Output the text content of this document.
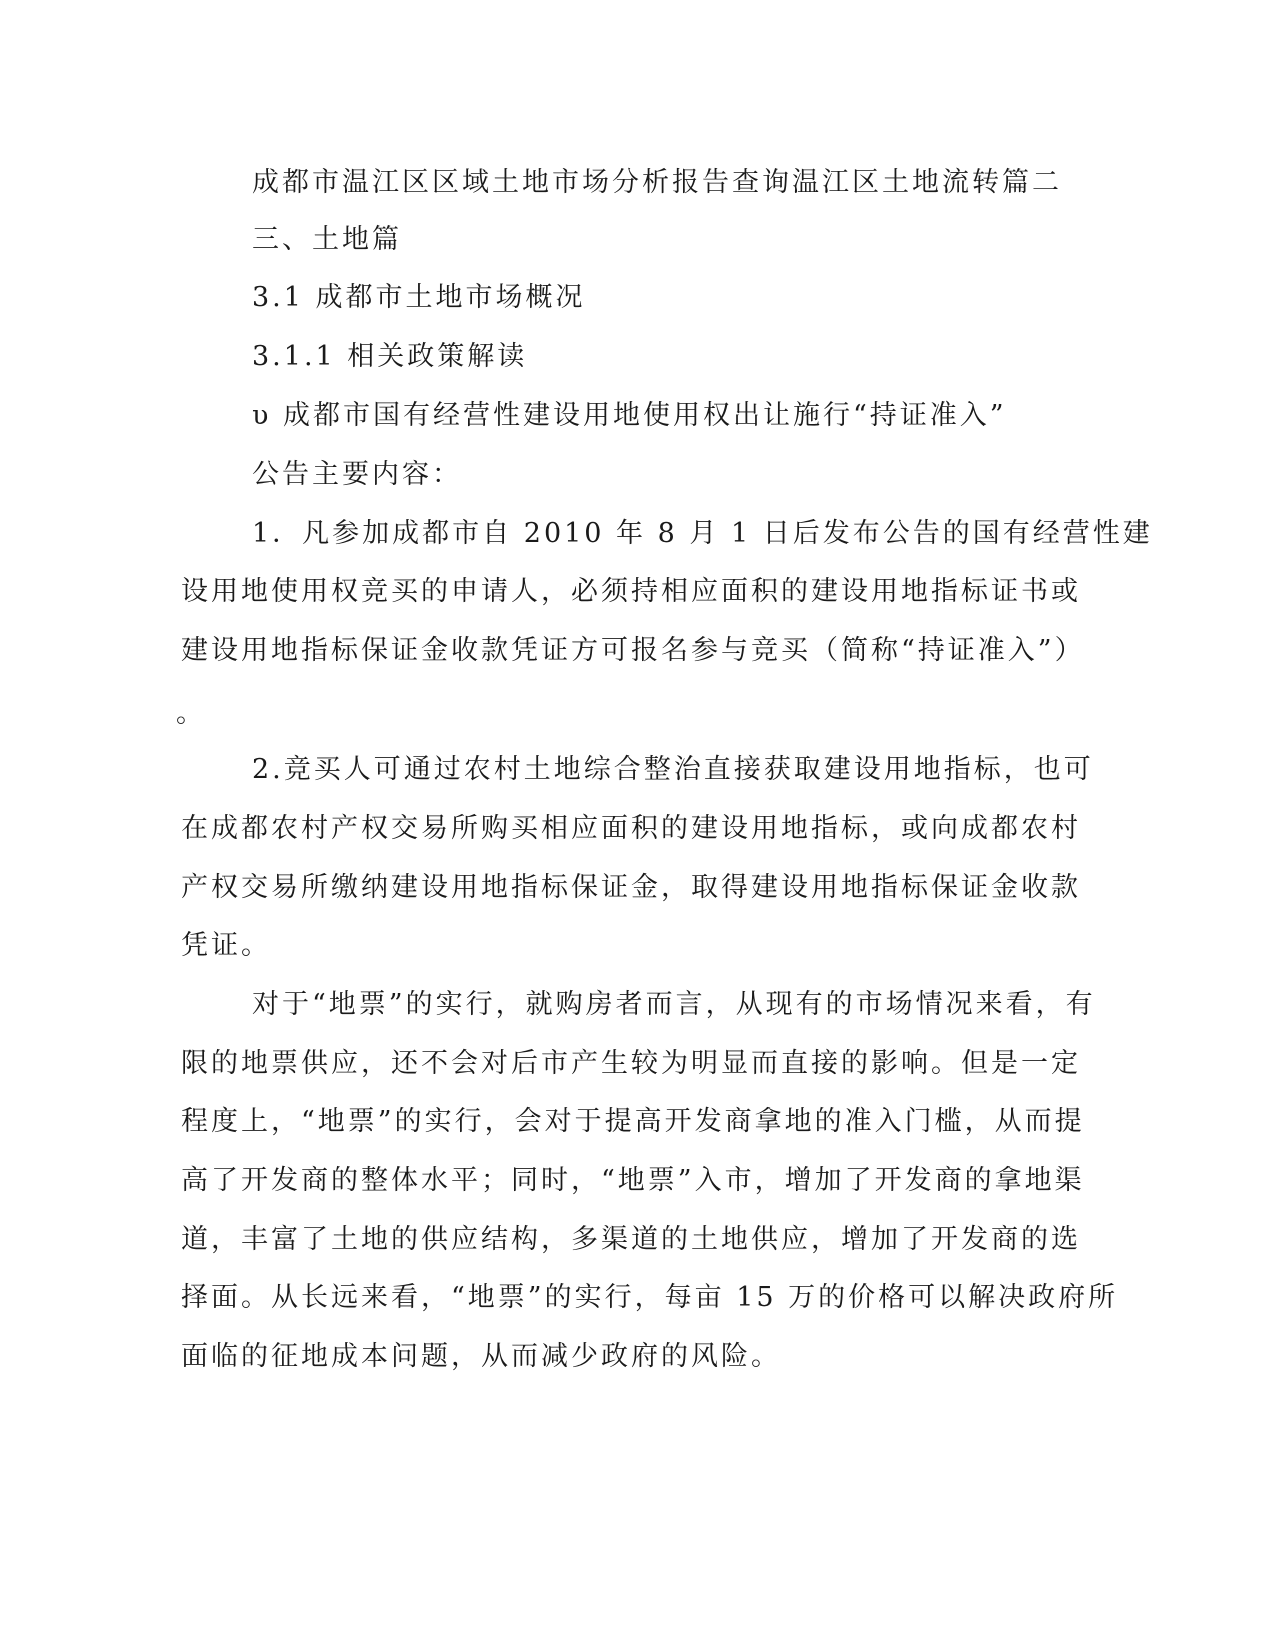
成都市温江区区域土地市场分析报告查询温江区土地流转篇二
三、土地篇
3.1 成都市土地市场概况
3.1.1 相关政策解读
υ 成都市国有经营性建设用地使用权出让施行“持证准入”
公告主要内容：
1．凡参加成都市自 2010 年 8 月 1 日后发布公告的国有经营性建
设用地使用权竞买的申请人，必须持相应面积的建设用地指标证书或
建设用地指标保证金收款凭证方可报名参与竞买（简称“持证准入”）
。
2.竞买人可通过农村土地综合整治直接获取建设用地指标，也可
在成都农村产权交易所购买相应面积的建设用地指标，或向成都农村
产权交易所缴纳建设用地指标保证金，取得建设用地指标保证金收款
凭证。
对于“地票”的实行，就购房者而言，从现有的市场情况来看，有
限的地票供应，还不会对后市产生较为明显而直接的影响。但是一定
程度上，“地票”的实行，会对于提高开发商拿地的准入门槛，从而提
高了开发商的整体水平；同时，“地票”入市，增加了开发商的拿地渠
道，丰富了土地的供应结构，多渠道的土地供应，增加了开发商的选
择面。从长远来看，“地票”的实行，每亩 15 万的价格可以解决政府所
面临的征地成本问题，从而减少政府的风险。
